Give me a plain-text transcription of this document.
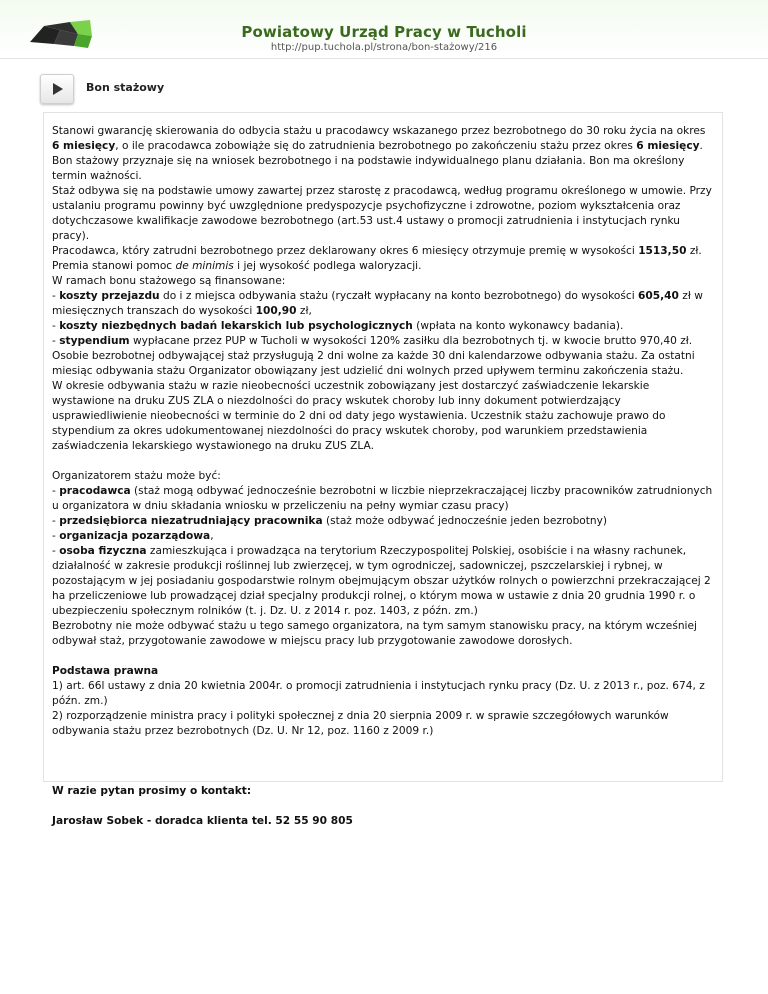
Powiatowy Urząd Pracy w Tucholi
http://pup.tuchola.pl/strona/bon-stażowy/216
Bon stażowy

Stanowi gwarancję skierowania do odbycia stażu u pracodawcy wskazanego przez bezrobotnego do 30 roku życia na okres 6 miesięcy, o ile pracodawca zobowiąże się do zatrudnienia bezrobotnego po zakończeniu stażu przez okres 6 miesięcy.

Bon stażowy przyznaje się na wniosek bezrobotnego i na podstawie indywidualnego planu działania. Bon ma określony termin ważności.

Staż odbywa się na podstawie umowy zawartej przez starostę z pracodawcą, według programu określonego w umowie. Przy ustalaniu programu powinny być uwzględnione predyspozycje psychofizyczne i zdrowotne, poziom wykształcenia oraz dotychczasowe kwalifikacje zawodowe bezrobotnego (art.53 ust.4 ustawy o promocji zatrudnienia i instytucjach rynku pracy).

Pracodawca, który zatrudni bezrobotnego przez deklarowany okres 6 miesięcy otrzymuje premię w wysokości 1513,50 zł.

Premia stanowi pomoc de minimis i jej wysokość podlega waloryzacji.

W ramach bonu stażowego są finansowane:

- koszty przejazdu do i z miejsca odbywania stażu (ryczałt wypłacany na konto bezrobotnego) do wysokości 605,40 zł w miesięcznych transzach do wysokości 100,90 zł,

- koszty niezbędnych badań lekarskich lub psychologicznych (wpłata na konto wykonawcy badania).

- stypendium wypłacane przez PUP w Tucholi w wysokości 120% zasiłku dla bezrobotnych tj. w kwocie brutto 970,40 zł.

Osobie bezrobotnej odbywającej staż przysługują 2 dni wolne za każde 30 dni kalendarzowe odbywania stażu. Za ostatni miesiąc odbywania stażu Organizator obowiązany jest udzielić dni wolnych przed upływem terminu zakończenia stażu.

W okresie odbywania stażu w razie nieobecności uczestnik zobowiązany jest dostarczyć zaświadczenie lekarskie wystawione na druku ZUS ZLA o niezdolności do pracy wskutek choroby lub inny dokument potwierdzający usprawiedliwienie nieobecności w terminie do 2 dni od daty jego wystawienia. Uczestnik stażu zachowuje prawo do stypendium za okres udokumentowanej niezdolności do pracy wskutek choroby, pod warunkiem przedstawienia zaświadczenia lekarskiego wystawionego na druku ZUS ZLA.

Organizatorem stażu może być:

- pracodawca (staż mogą odbywać jednocześnie bezrobotni w liczbie nieprzekraczającej liczby pracowników zatrudnionych u organizatora w dniu składania wniosku w przeliczeniu na pełny wymiar czasu pracy)

- przedsiębiorca niezatrudniający pracownika (staż może odbywać jednocześnie jeden bezrobotny)

- organizacja pozarządowa,

- osoba fizyczna zamieszkująca i prowadząca na terytorium Rzeczypospolitej Polskiej, osobiście i na własny rachunek, działalność w zakresie produkcji roślinnej lub zwierzęcej, w tym ogrodniczej, sadowniczej, pszczelarskiej i rybnej, w pozostającym w jej posiadaniu gospodarstwie rolnym obejmującym obszar użytków rolnych o powierzchni przekraczającej 2 ha przeliczeniowe lub prowadzącej dział specjalny produkcji rolnej, o którym mowa w ustawie z dnia 20 grudnia 1990 r. o ubezpieczeniu społecznym rolników (t. j. Dz. U. z 2014 r. poz. 1403, z późn. zm.)

Bezrobotny nie może odbywać stażu u tego samego organizatora, na tym samym stanowisku pracy, na którym wcześniej odbywał staż, przygotowanie zawodowe w miejscu pracy lub przygotowanie zawodowe dorosłych.

Podstawa prawna

1) art. 66l ustawy z dnia 20 kwietnia 2004r. o promocji zatrudnienia i instytucjach rynku pracy (Dz. U. z 2013 r., poz. 674, z późn. zm.)

2) rozporządzenie ministra pracy i polityki społecznej z dnia 20 sierpnia 2009 r. w sprawie szczegółowych warunków odbywania stażu przez bezrobotnych (Dz. U. Nr 12, poz. 1160 z 2009 r.)

W razie pytan prosimy o kontakt:

Jarosław Sobek - doradca klienta tel. 52 55 90 805
